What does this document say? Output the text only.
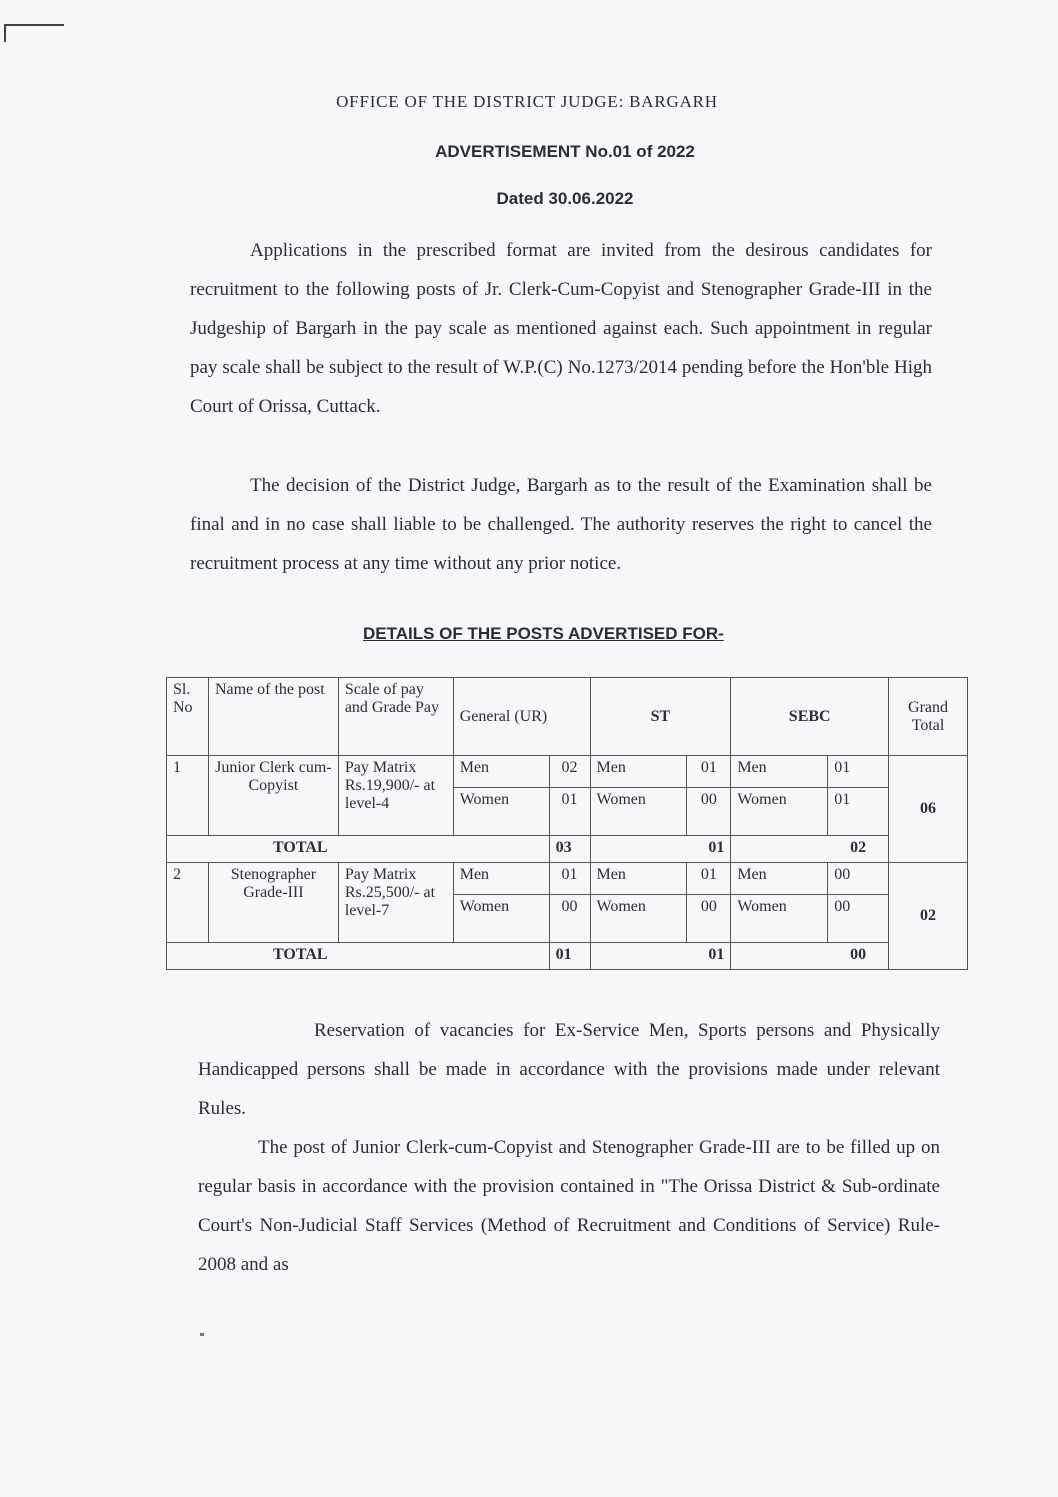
OFFICE OF THE DISTRICT JUDGE: BARGARH
ADVERTISEMENT No.01 of 2022
Dated 30.06.2022

Applications in the prescribed format are invited from the desirous candidates for recruitment to the following posts of Jr. Clerk-Cum-Copyist and Stenographer Grade-III in the Judgeship of Bargarh in the pay scale as mentioned against each. Such appointment in regular pay scale shall be subject to the result of W.P.(C) No.1273/2014 pending before the Hon'ble High Court of Orissa, Cuttack.

The decision of the District Judge, Bargarh as to the result of the Examination shall be final and in no case shall liable to be challenged. The authority reserves the right to cancel the recruitment process at any time without any prior notice.

DETAILS OF THE POSTS ADVERTISED FOR-
Sl. No	Name of the post	Scale of pay and Grade Pay	General (UR)		ST		SEBC		Grand Total
1	Junior Clerk cum-Copyist	Pay Matrix Rs.19,900/- at level-4	Men	02	Men	01	Men	01	06
			Women	01	Women	00	Women	01	
TOTAL				03	01		02		
2	Stenographer Grade-III	Pay Matrix Rs.25,500/- at level-7	Men	01	Men	01	Men	00	02
			Women	00	Women	00	Women	00	
TOTAL				01	01		00		

Reservation of vacancies for Ex-Service Men, Sports persons and Physically Handicapped persons shall be made in accordance with the provisions made under relevant Rules.

The post of Junior Clerk-cum-Copyist and Stenographer Grade-III are to be filled up on regular basis in accordance with the provision contained in "The Orissa District & Sub-ordinate Court's Non-Judicial Staff Services (Method of Recruitment and Conditions of Service) Rule-2008 and as
